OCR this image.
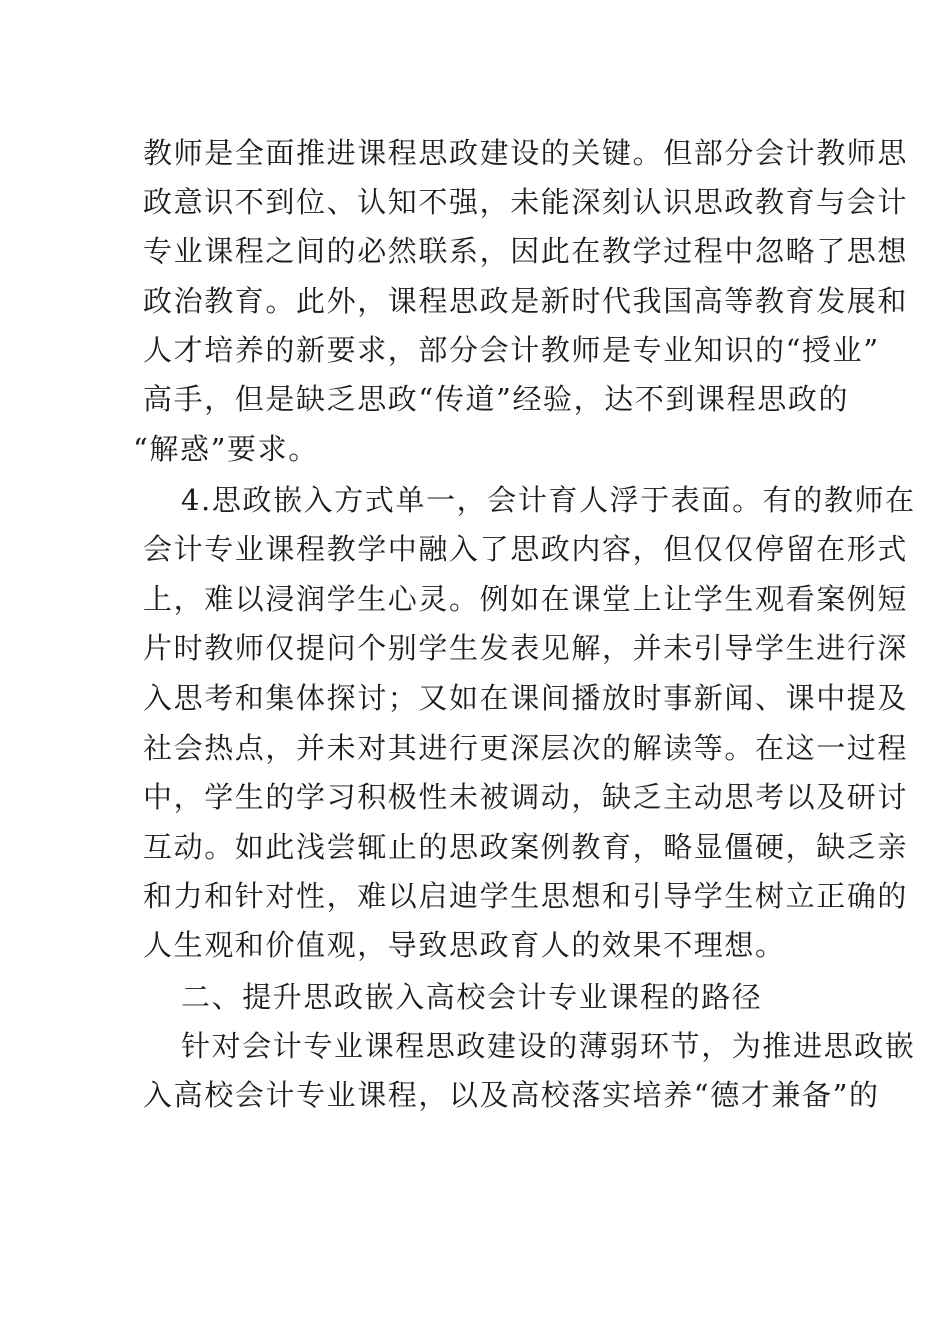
教师是全面推进课程思政建设的关键。但部分会计教师思
政意识不到位、认知不强，未能深刻认识思政教育与会计
专业课程之间的必然联系，因此在教学过程中忽略了思想
政治教育。此外，课程思政是新时代我国高等教育发展和
人才培养的新要求，部分会计教师是专业知识的“授业”
高手，但是缺乏思政“传道”经验，达不到课程思政的
“解惑”要求。
4.思政嵌入方式单一，会计育人浮于表面。有的教师在
会计专业课程教学中融入了思政内容，但仅仅停留在形式
上，难以浸润学生心灵。例如在课堂上让学生观看案例短
片时教师仅提问个别学生发表见解，并未引导学生进行深
入思考和集体探讨；又如在课间播放时事新闻、课中提及
社会热点，并未对其进行更深层次的解读等。在这一过程
中，学生的学习积极性未被调动，缺乏主动思考以及研讨
互动。如此浅尝辄止的思政案例教育，略显僵硬，缺乏亲
和力和针对性，难以启迪学生思想和引导学生树立正确的
人生观和价值观，导致思政育人的效果不理想。
二、提升思政嵌入高校会计专业课程的路径
针对会计专业课程思政建设的薄弱环节，为推进思政嵌
入高校会计专业课程，以及高校落实培养“德才兼备”的
